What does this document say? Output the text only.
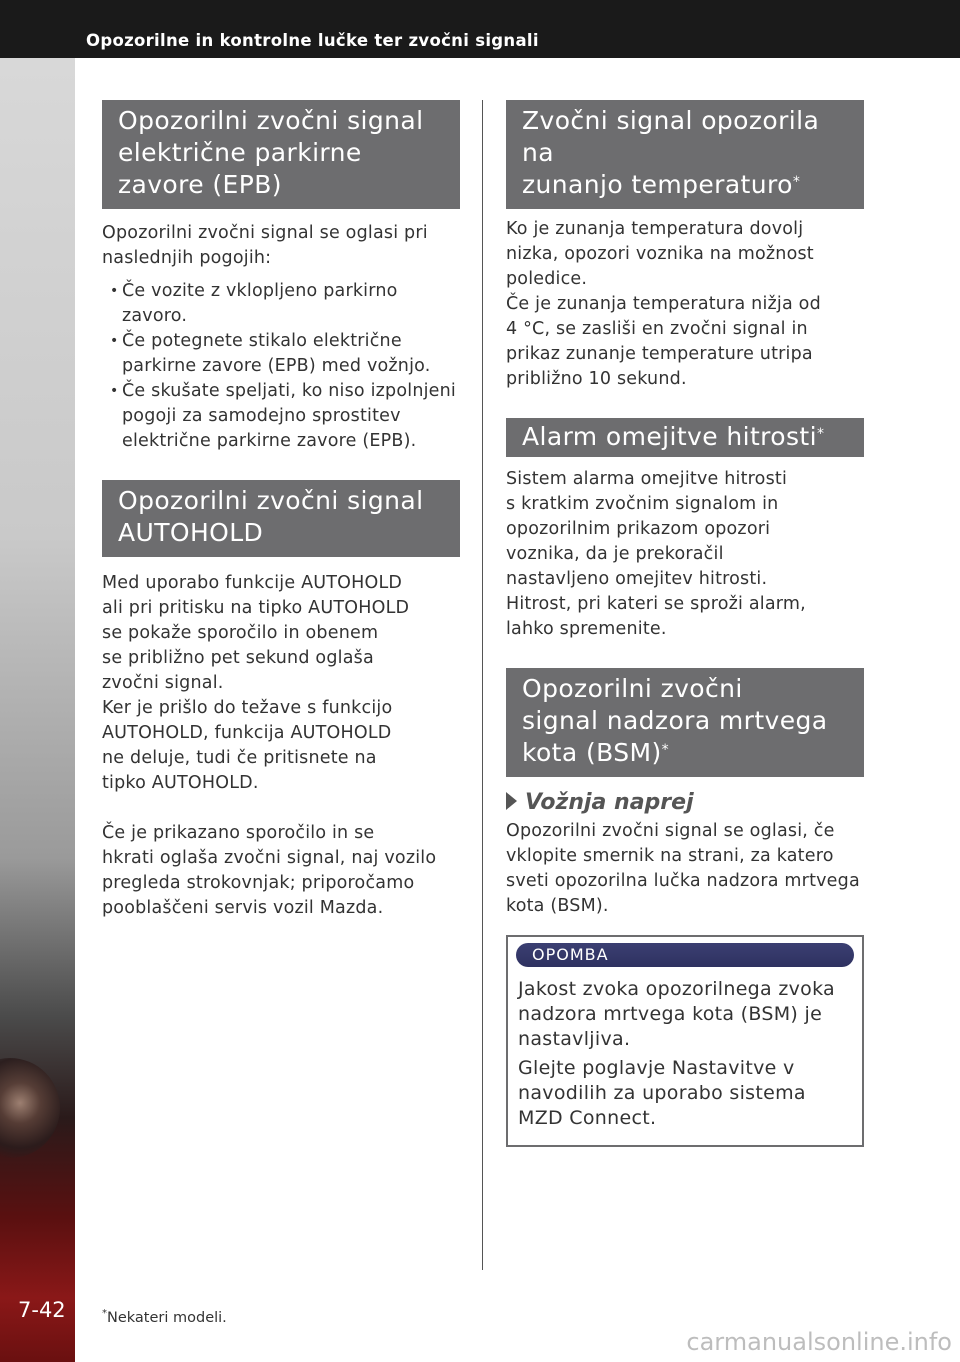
Opozorilne in kontrolne lučke ter zvočni signali
7-42
Opozorilni zvočni signal
električne parkirne
zavore (EPB)

Opozorilni zvočni signal se oglasi pri
naslednjih pogojih:

• Če vozite z vklopljeno parkirno
zavoro.
• Če potegnete stikalo električne
parkirne zavore (EPB) med vožnjo.
• Če skušate speljati, ko niso izpolnjeni
pogoji za samodejno sprostitev
električne parkirne zavore (EPB).
Opozorilni zvočni signal
AUTOHOLD

Med uporabo funkcije AUTOHOLD
ali pri pritisku na tipko AUTOHOLD
se pokaže sporočilo in obenem
se približno pet sekund oglaša
zvočni signal.
Ker je prišlo do težave s funkcijo
AUTOHOLD, funkcija AUTOHOLD
ne deluje, tudi če pritisnete na
tipko AUTOHOLD.

Če je prikazano sporočilo in se
hkrati oglaša zvočni signal, naj vozilo
pregleda strokovnjak; priporočamo
pooblaščeni servis vozil Mazda.

Zvočni signal opozorila na
zunanjo temperaturo*

Ko je zunanja temperatura dovolj
nizka, opozori voznika na možnost
poledice.
Če je zunanja temperatura nižja od
4 °C, se zasliši en zvočni signal in
prikaz zunanje temperature utripa
približno 10 sekund.

Alarm omejitve hitrosti*

Sistem alarma omejitve hitrosti
s kratkim zvočnim signalom in
opozorilnim prikazom opozori
voznika, da je prekoračil
nastavljeno omejitev hitrosti.
Hitrost, pri kateri se sproži alarm,
lahko spremenite.

Opozorilni zvočni
signal nadzora mrtvega
kota (BSM)*
Vožnja naprej

Opozorilni zvočni signal se oglasi, če
vklopite smernik na strani, za katero
sveti opozorilna lučka nadzora mrtvega
kota (BSM).

OPOMBA
Jakost zvoka opozorilnega zvoka
nadzora mrtvega kota (BSM) je
nastavljiva.
Glejte poglavje Nastavitve v
navodilih za uporabo sistema
MZD Connect.
*Nekateri modeli.
carmanualsonline.info
